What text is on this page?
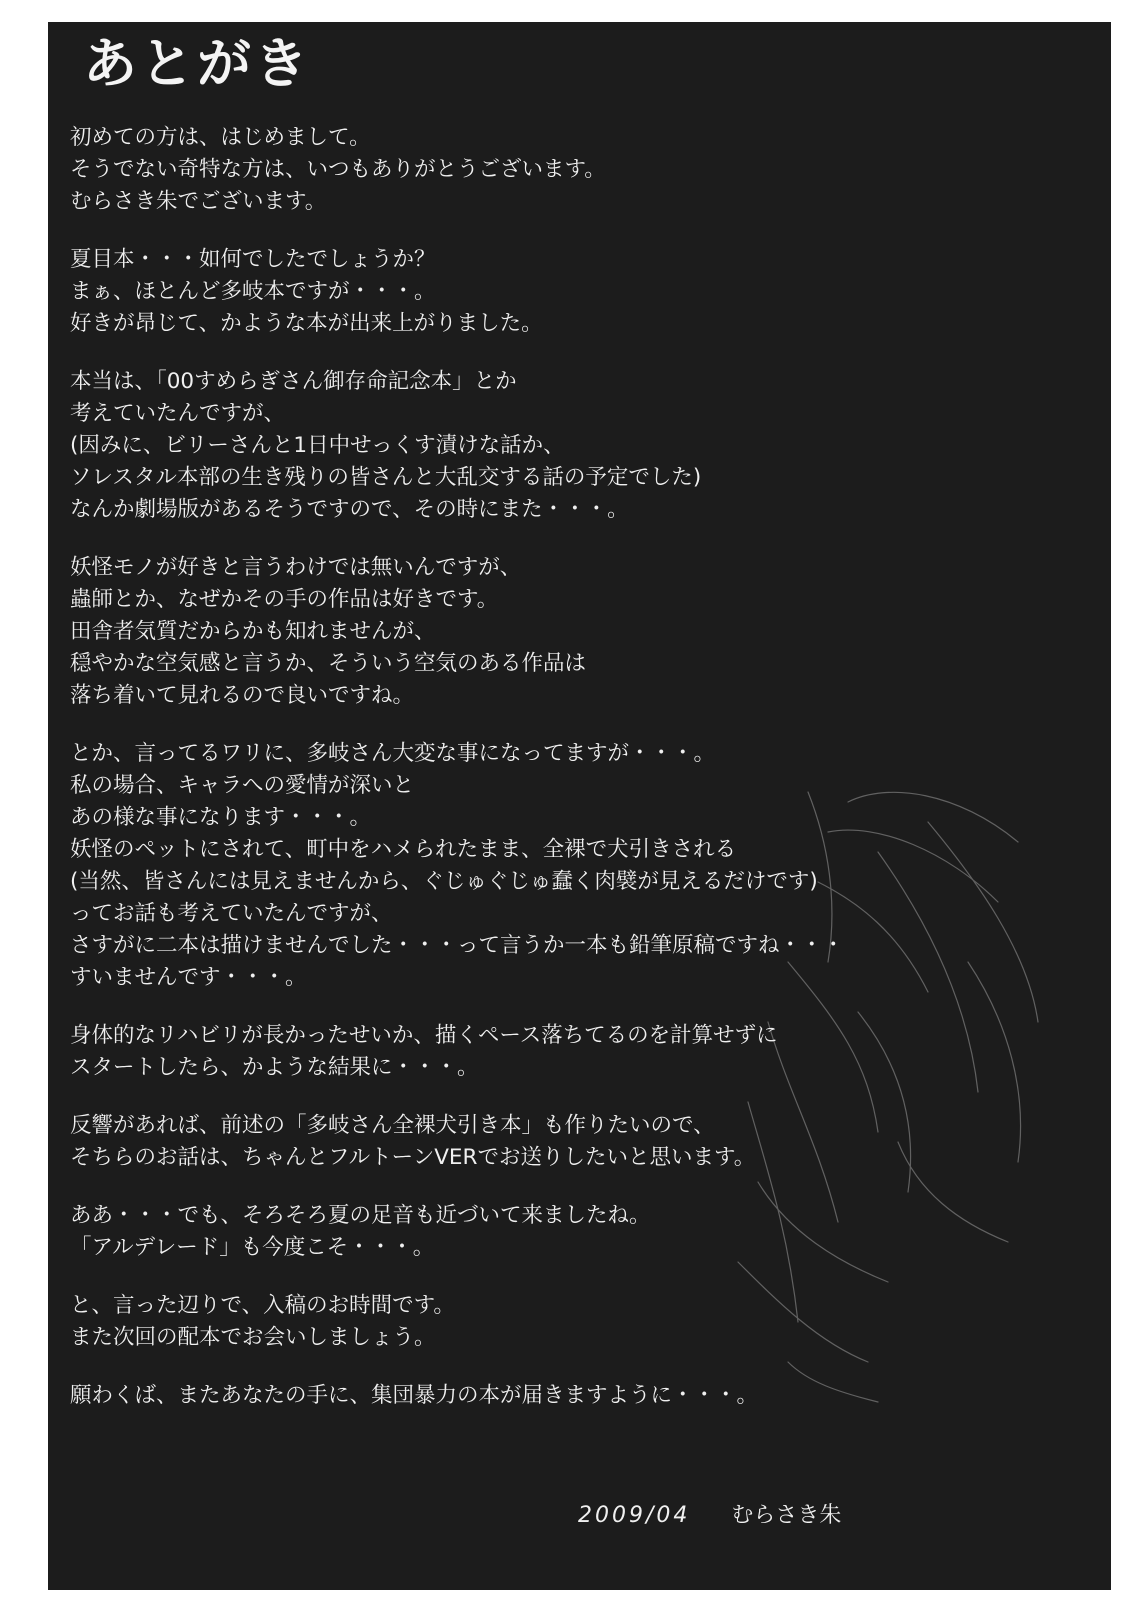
あとがき
初めての方は、はじめまして。
そうでない奇特な方は、いつもありがとうございます。
むらさき朱でございます。
夏目本・・・如何でしたでしょうか？
まぁ、ほとんど多岐本ですが・・・。
好きが昂じて、かような本が出来上がりました。
本当は、「00すめらぎさん御存命記念本」とか
考えていたんですが、
(因みに、ビリーさんと1日中せっくす漬けな話か、
ソレスタル本部の生き残りの皆さんと大乱交する話の予定でした)
なんか劇場版があるそうですので、その時にまた・・・。
妖怪モノが好きと言うわけでは無いんですが、
蟲師とか、なぜかその手の作品は好きです。
田舎者気質だからかも知れませんが、
穏やかな空気感と言うか、そういう空気のある作品は
落ち着いて見れるので良いですね。
とか、言ってるワリに、多岐さん大変な事になってますが・・・。
私の場合、キャラへの愛情が深いと
あの様な事になります・・・。
妖怪のペットにされて、町中をハメられたまま、全裸で犬引きされる
(当然、皆さんには見えませんから、ぐじゅぐじゅ蠢く肉襞が見えるだけです)
ってお話も考えていたんですが、
さすがに二本は描けませんでした・・・って言うか一本も鉛筆原稿ですね・・・
すいませんです・・・。
身体的なリハビリが長かったせいか、描くペース落ちてるのを計算せずに
スタートしたら、かような結果に・・・。
反響があれば、前述の「多岐さん全裸犬引き本」も作りたいので、
そちらのお話は、ちゃんとフルトーンVERでお送りしたいと思います。
ああ・・・でも、そろそろ夏の足音も近づいて来ましたね。
「アルデレード」も今度こそ・・・。
と、言った辺りで、入稿のお時間です。
また次回の配本でお会いしましょう。
願わくば、またあなたの手に、集団暴力の本が届きますように・・・。
2009/04 むらさき朱
